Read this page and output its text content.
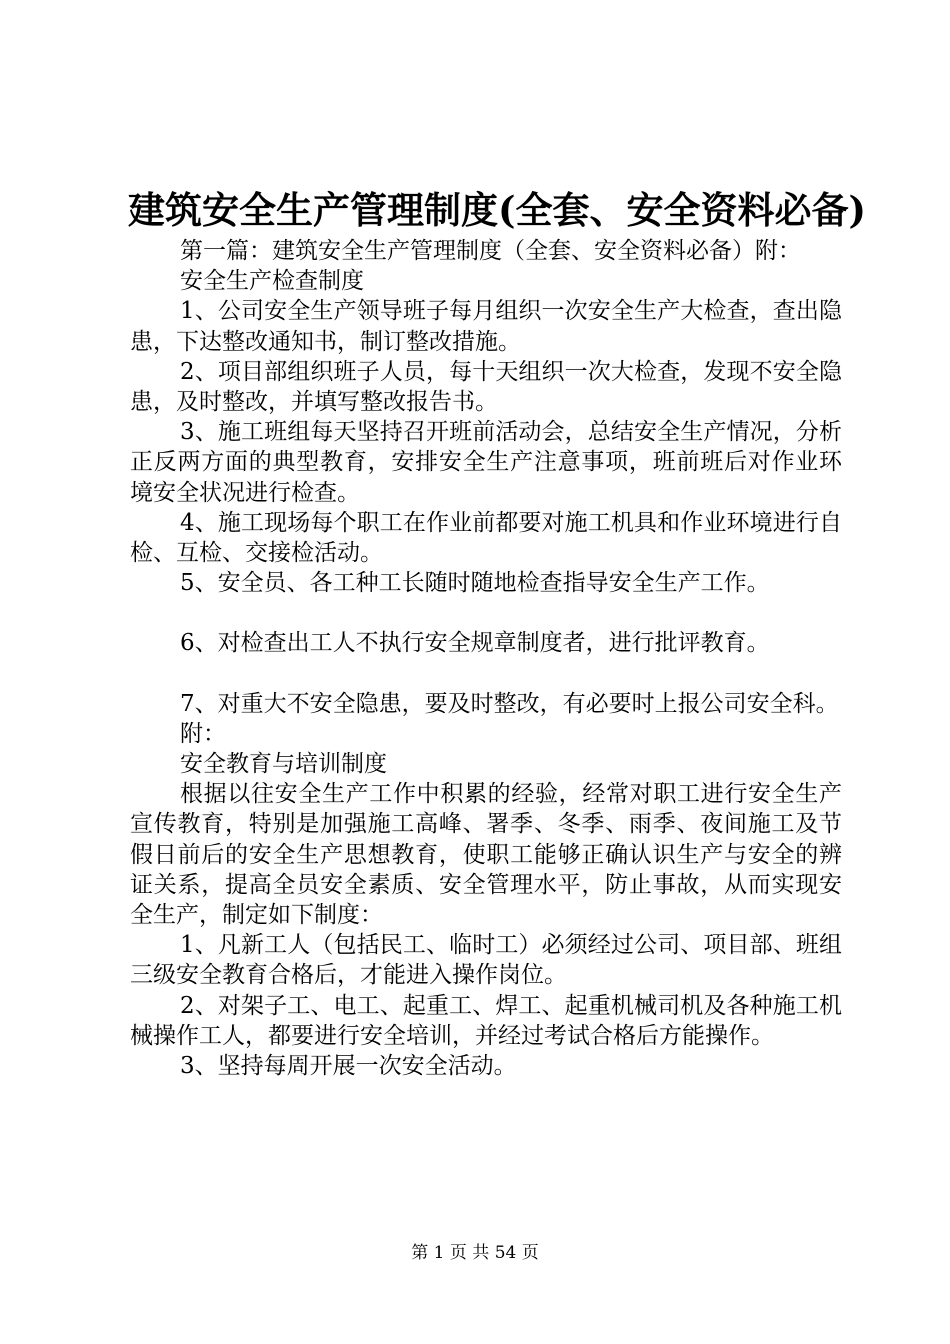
建筑安全生产管理制度(全套、安全资料必备)

第一篇：建筑安全生产管理制度（全套、安全资料必备）附：

安全生产检查制度

1、公司安全生产领导班子每月组织一次安全生产大检查，查出隐患，下达整改通知书，制订整改措施。

2、项目部组织班子人员，每十天组织一次大检查，发现不安全隐患，及时整改，并填写整改报告书。

3、施工班组每天坚持召开班前活动会，总结安全生产情况，分析正反两方面的典型教育，安排安全生产注意事项，班前班后对作业环境安全状况进行检查。

4、施工现场每个职工在作业前都要对施工机具和作业环境进行自检、互检、交接检活动。

5、安全员、各工种工长随时随地检查指导安全生产工作。

6、对检查出工人不执行安全规章制度者，进行批评教育。

7、对重大不安全隐患，要及时整改，有必要时上报公司安全科。

附：

安全教育与培训制度

根据以往安全生产工作中积累的经验，经常对职工进行安全生产宣传教育，特别是加强施工高峰、署季、冬季、雨季、夜间施工及节假日前后的安全生产思想教育，使职工能够正确认识生产与安全的辨证关系，提高全员安全素质、安全管理水平，防止事故，从而实现安全生产，制定如下制度：

1、凡新工人（包括民工、临时工）必须经过公司、项目部、班组三级安全教育合格后，才能进入操作岗位。

2、对架子工、电工、起重工、焊工、起重机械司机及各种施工机械操作工人，都要进行安全培训，并经过考试合格后方能操作。

3、坚持每周开展一次安全活动。

第 1 页 共 54 页
